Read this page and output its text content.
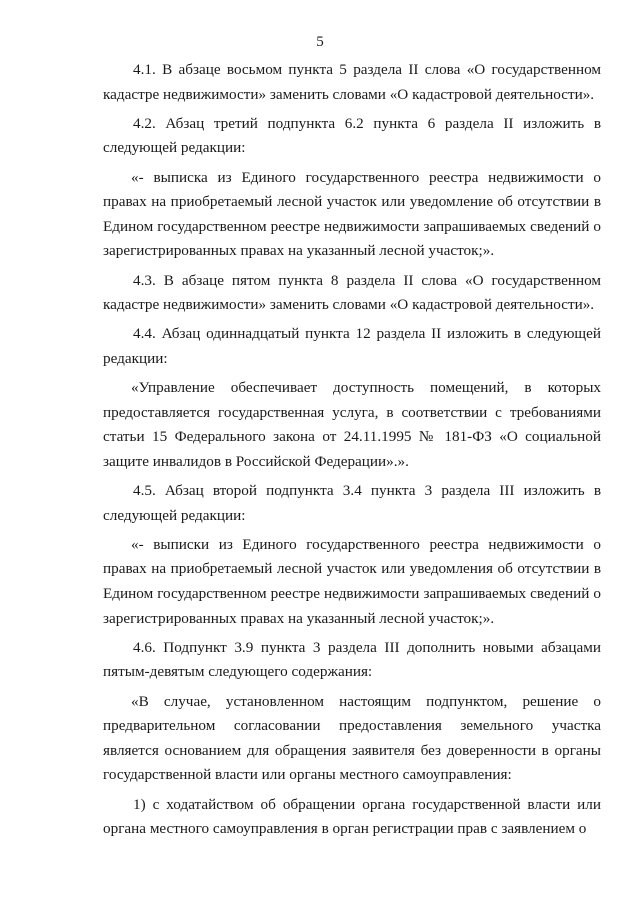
5

4.1. В абзаце восьмом пункта 5 раздела II слова «О государственном кадастре недвижимости» заменить словами «О кадастровой деятельности».

4.2. Абзац третий подпункта 6.2 пункта 6 раздела II изложить в следующей редакции:

«- выписка из Единого государственного реестра недвижимости о правах на приобретаемый лесной участок или уведомление об отсутствии в Едином государственном реестре недвижимости запрашиваемых сведений о зарегистрированных правах на указанный лесной участок;».

4.3. В абзаце пятом пункта 8 раздела II слова «О государственном кадастре недвижимости» заменить словами «О кадастровой деятельности».

4.4. Абзац одиннадцатый пункта 12 раздела II изложить в следующей редакции:

«Управление обеспечивает доступность помещений, в которых предоставляется государственная услуга, в соответствии с требованиями статьи 15 Федерального закона от 24.11.1995 № 181-ФЗ «О социальной защите инвалидов в Российской Федерации».».

4.5. Абзац второй подпункта 3.4 пункта 3 раздела III изложить в следующей редакции:

«- выписки из Единого государственного реестра недвижимости о правах на приобретаемый лесной участок или уведомления об отсутствии в Едином государственном реестре недвижимости запрашиваемых сведений о зарегистрированных правах на указанный лесной участок;».

4.6. Подпункт 3.9 пункта 3 раздела III дополнить новыми абзацами пятым-девятым следующего содержания:

«В случае, установленном настоящим подпунктом, решение о предварительном согласовании предоставления земельного участка является основанием для обращения заявителя без доверенности в органы государственной власти или органы местного самоуправления:

1) с ходатайством об обращении органа государственной власти или органа местного самоуправления в орган регистрации прав с заявлением о
